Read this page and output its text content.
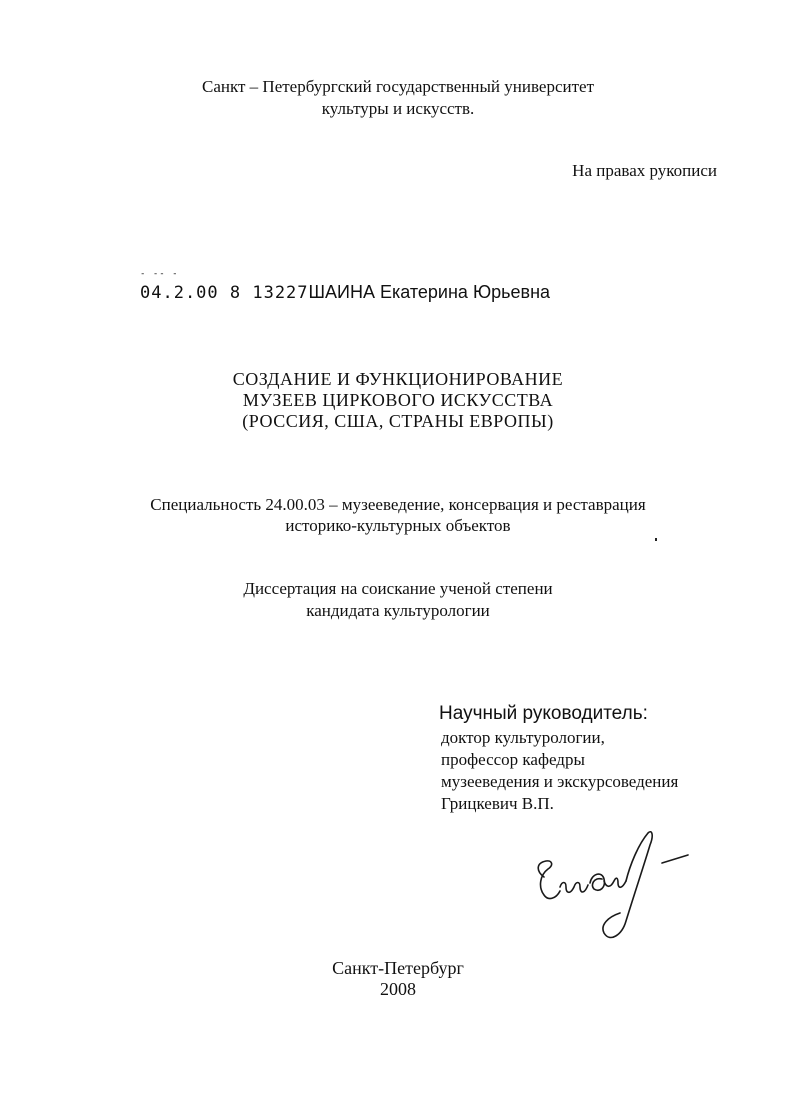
Санкт – Петербургский государственный университет
культуры и искусств.
На правах рукописи
- -- -
04.2.00 8 13227ШАИНА Екатерина Юрьевна
СОЗДАНИЕ И ФУНКЦИОНИРОВАНИЕ
МУЗЕЕВ ЦИРКОВОГО ИСКУССТВА
(РОССИЯ, США, СТРАНЫ ЕВРОПЫ)
Специальность 24.00.03 – музееведение, консервация и реставрация
историко-культурных объектов
Диссертация на соискание ученой степени
кандидата культурологии
Научный руководитель:
доктор культурологии,
профессор кафедры
музееведения и экскурсоведения
Грицкевич В.П.
Санкт-Петербург
2008
